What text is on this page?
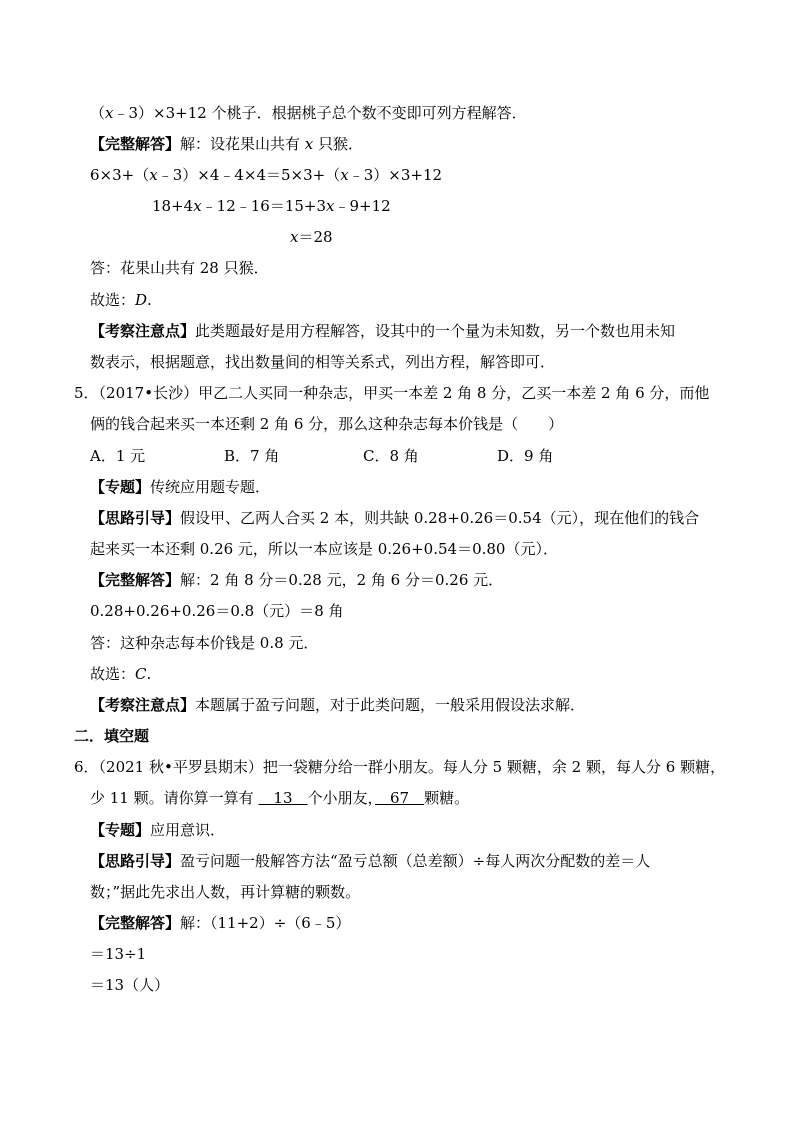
（x﹣3）×3+12 个桃子．根据桃子总个数不变即可列方程解答．
【完整解答】解：设花果山共有 x 只猴．
6×3+（x﹣3）×4﹣4×4＝5×3+（x﹣3）×3+12
18+4x﹣12﹣16＝15+3x﹣9+12
x＝28
答：花果山共有 28 只猴．
故选：D.
【考察注意点】此类题最好是用方程解答，设其中的一个量为未知数，另一个数也用未知
数表示，根据题意，找出数量间的相等关系式，列出方程，解答即可．
5．（2017•长沙）甲乙二人买同一种杂志，甲买一本差 2 角 8 分，乙买一本差 2 角 6 分，而他
俩的钱合起来买一本还剩 2 角 6 分，那么这种杂志每本价钱是（　　）
A．1 元	B．7 角	C．8 角	D．9 角
【专题】传统应用题专题．
【思路引导】假设甲、乙两人合买 2 本，则共缺 0.28+0.26＝0.54（元），现在他们的钱合
起来买一本还剩 0.26 元，所以一本应该是 0.26+0.54＝0.80（元）．
【完整解答】解：2 角 8 分＝0.28 元，2 角 6 分＝0.26 元．
0.28+0.26+0.26＝0.8（元）＝8 角
答：这种杂志每本价钱是 0.8 元．
故选：C.
【考察注意点】本题属于盈亏问题，对于此类问题，一般采用假设法求解．
二．填空题
6．（2021 秋•平罗县期末）把一袋糖分给一群小朋友。每人分 5 颗糖，余 2 颗，每人分 6 颗糖，
少 11 颗。请你算一算有 　13　个小朋友，　67　颗糖。
【专题】应用意识．
【思路引导】盈亏问题一般解答方法“盈亏总额（总差额）÷每人两次分配数的差＝人
数；”据此先求出人数，再计算糖的颗数。
【完整解答】解：（11+2）÷（6﹣5）
＝13÷1
＝13（人）
